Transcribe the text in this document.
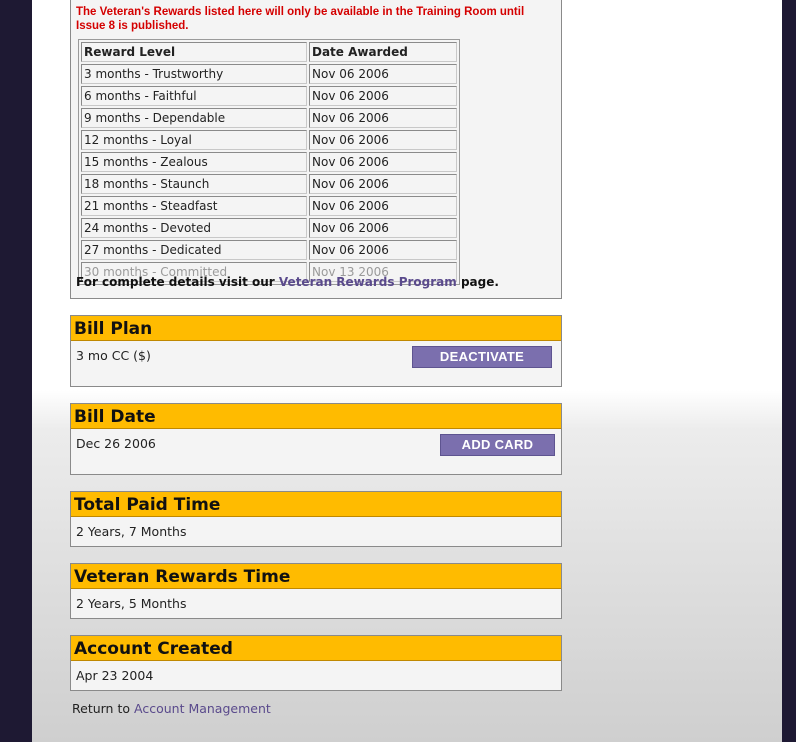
The Veteran's Rewards listed here will only be available in the Training Room until Issue 8 is published.
Reward Level	Date Awarded
3 months - Trustworthy	Nov 06 2006
6 months - Faithful	Nov 06 2006
9 months - Dependable	Nov 06 2006
12 months - Loyal	Nov 06 2006
15 months - Zealous	Nov 06 2006
18 months - Staunch	Nov 06 2006
21 months - Steadfast	Nov 06 2006
24 months - Devoted	Nov 06 2006
27 months - Dedicated	Nov 06 2006
30 months - Committed	Nov 13 2006
For complete details visit our Veteran Rewards Program page.
Bill Plan
3 mo CC ($)	DEACTIVATE
Bill Date
Dec 26 2006	ADD CARD
Total Paid Time
2 Years, 7 Months
Veteran Rewards Time
2 Years, 5 Months
Account Created
Apr 23 2004
Return to Account Management
